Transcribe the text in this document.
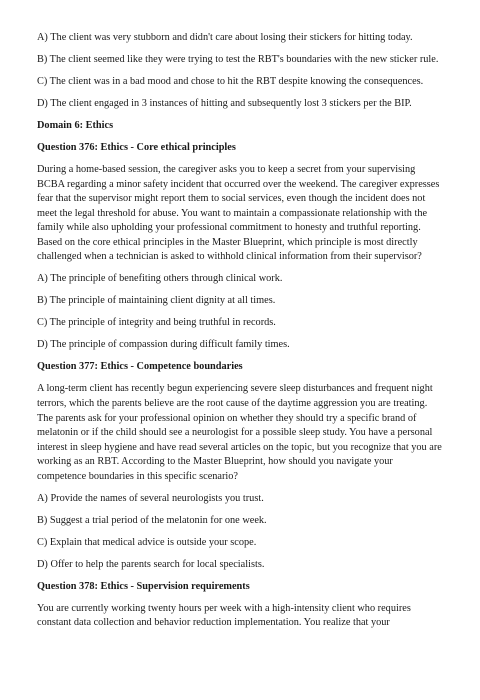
A) The client was very stubborn and didn't care about losing their stickers for hitting today.

B) The client seemed like they were trying to test the RBT's boundaries with the new sticker rule.

C) The client was in a bad mood and chose to hit the RBT despite knowing the consequences.

D) The client engaged in 3 instances of hitting and subsequently lost 3 stickers per the BIP.

Domain 6: Ethics

Question 376: Ethics - Core ethical principles

During a home-based session, the caregiver asks you to keep a secret from your supervising BCBA regarding a minor safety incident that occurred over the weekend. The caregiver expresses fear that the supervisor might report them to social services, even though the incident does not meet the legal threshold for abuse. You want to maintain a compassionate relationship with the family while also upholding your professional commitment to honesty and truthful reporting. Based on the core ethical principles in the Master Blueprint, which principle is most directly challenged when a technician is asked to withhold clinical information from their supervisor?

A) The principle of benefiting others through clinical work.

B) The principle of maintaining client dignity at all times.

C) The principle of integrity and being truthful in records.

D) The principle of compassion during difficult family times.

Question 377: Ethics - Competence boundaries

A long-term client has recently begun experiencing severe sleep disturbances and frequent night terrors, which the parents believe are the root cause of the daytime aggression you are treating. The parents ask for your professional opinion on whether they should try a specific brand of melatonin or if the child should see a neurologist for a possible sleep study. You have a personal interest in sleep hygiene and have read several articles on the topic, but you recognize that you are working as an RBT. According to the Master Blueprint, how should you navigate your competence boundaries in this specific scenario?

A) Provide the names of several neurologists you trust.

B) Suggest a trial period of the melatonin for one week.

C) Explain that medical advice is outside your scope.

D) Offer to help the parents search for local specialists.

Question 378: Ethics - Supervision requirements

You are currently working twenty hours per week with a high-intensity client who requires constant data collection and behavior reduction implementation. You realize that your
